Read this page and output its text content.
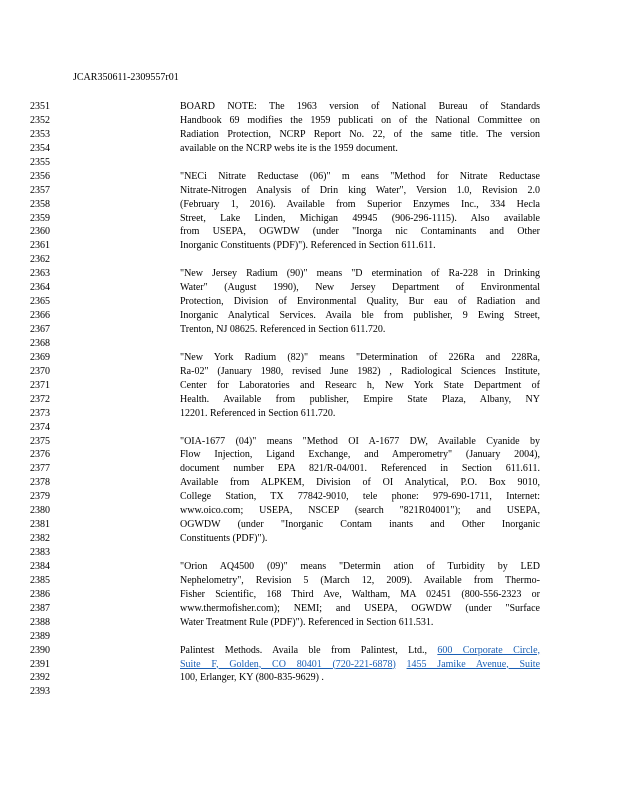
JCAR350611-2309557r01
2351	BOARD NOTE: The 1963 version of National Bureau of Standards
2352	Handbook 69 modifies the 1959 publicati on of the National Committee on
2353	Radiation Protection, NCRP Report No. 22, of the same title. The version
2354	available on the NCRP webs ite is the 1959 document.
2355
2356	"NECi Nitrate Reductase (06)" m eans "Method for Nitrate Reductase
2357	Nitrate-Nitrogen Analysis of Drin king Water", Version 1.0, Revision 2.0
2358	(February 1, 2016). Available from Superior Enzymes Inc., 334 Hecla
2359	Street, Lake Linden, Michigan 49945 (906-296-1115). Also available
2360	from USEPA, OGWDW (under "Inorga nic Contaminants and Other
2361	Inorganic Constituents (PDF)"). Referenced in Section 611.611.
2362
2363	"New Jersey Radium (90)" means "D etermination of Ra-228 in Drinking
2364	Water" (August 1990), New Jersey Department of Environmental
2365	Protection, Division of Environmental Quality, Bur eau of Radiation and
2366	Inorganic Analytical Services. Availa ble from publisher, 9 Ewing Street,
2367	Trenton, NJ 08625. Referenced in Section 611.720.
2368
2369	"New York Radium (82)" means "Determination of 226Ra and 228Ra,
2370	Ra-02" (January 1980, revised June 1982) , Radiological Sciences Institute,
2371	Center for Laboratories and Researc h, New York State Department of
2372	Health. Available from publisher, Empire State Plaza, Albany, NY
2373	12201. Referenced in Section 611.720.
2374
2375	"OIA-1677 (04)" means "Method OI A-1677 DW, Available Cyanide by
2376	Flow Injection, Ligand Exchange, and Amperometry" (January 2004),
2377	document number EPA 821/R-04/001. Referenced in Section 611.611.
2378	Available from ALPKEM, Division of OI Analytical, P.O. Box 9010,
2379	College Station, TX 77842-9010, tele phone: 979-690-1711, Internet:
2380	www.oico.com; USEPA, NSCEP (search "821R04001"); and USEPA,
2381	OGWDW (under "Inorganic Contam inants and Other Inorganic
2382	Constituents (PDF)").
2383
2384	"Orion AQ4500 (09)" means "Determin ation of Turbidity by LED
2385	Nephelometry", Revision 5 (March 12, 2009). Available from Thermo-
2386	Fisher Scientific, 168 Third Ave, Waltham, MA 02451 (800-556-2323 or
2387	www.thermofisher.com); NEMI; and USEPA, OGWDW (under "Surface
2388	Water Treatment Rule (PDF)"). Referenced in Section 611.531.
2389
2390	Palintest Methods. Availa ble from Palintest, Ltd., 600 Corporate Circle,
2391	Suite F, Golden, CO 80401 (720-221-6878) 1455 Jamike Avenue, Suite
2392	100, Erlanger, KY (800-835-9629) .
2393
